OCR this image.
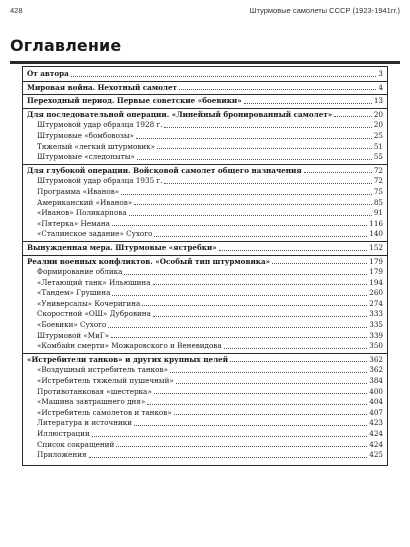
428	Штурмовые самолеты СССР (1923-1941гг.)
Оглавление
От автора	3
Мировая война. Нехотный самолет	4
Переходный период. Первые советские «боевики»	13
Для последовательной операции. «Линейный бронированный самолет»	20
Штурмовой удар образца 1928 г.	20
Штурмовые «бомбовозы»	25
Тяжелый «легкий штурмовик»	51
Штурмовые «следопыты»	55
Для глубокой операции. Войсковой самолет общего назначения	72
Штурмовой удар образца 1935 г.	72
Программа «Иванов»	75
Американский «Иванов»	85
«Иванов» Поликарпова	91
«Пятерка» Немана	116
«Сталинское задание» Сухого	140
Вынужденная мера. Штурмовые «ястребки»	152
Реалии военных конфликтов. «Особый тип штурмовика»	179
Формирование облика	179
«Летающий танк» Ильюшина	194
«Тандем» Грушина	260
«Универсалы» Кочеригина	274
Скоростной «ОШ» Дубровина	333
«Боевики» Сухого	335
Штурмовой «МиГ»	339
«Комбайн смерти» Можаровского и Веневидова	350
«Истребители танков» и других крупных целей	362
«Воздушный истребитель танков»	362
«Истребитель тяжелый пушечный»	384
Противотанковая «шестерка»	400
«Машина завтрашнего дня»	404
«Истребитель самолетов и танков»	407
Литература и источники	423
Иллюстрации	424
Список сокращений	424
Приложения	425
